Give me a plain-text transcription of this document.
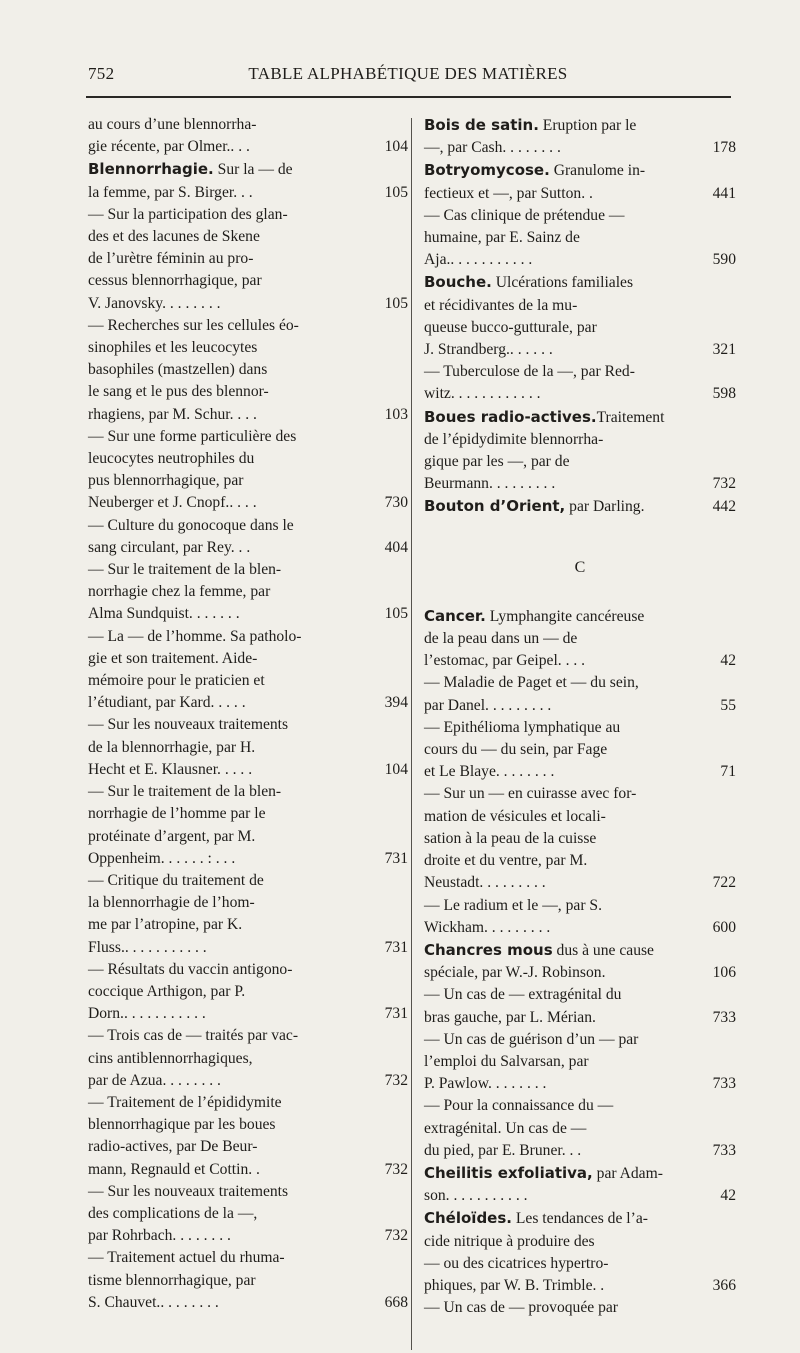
752	TABLE ALPHABÉTIQUE DES MATIÈRES
au cours d’une blennorrha-
gie récente, par Olmer.. . .	104
Blennorrhagie. Sur la — de
la femme, par S. Birger. . .	105
— Sur la participation des glan-
des et des lacunes de Skene
de l’urètre féminin au pro-
cessus blennorrhagique, par
V. Janovsky. . . . . . . .	105
— Recherches sur les cellules éo-
sinophiles et les leucocytes
basophiles (mastzellen) dans
le sang et le pus des blennor-
rhagiens, par M. Schur. . . .	103
— Sur une forme particulière des
leucocytes neutrophiles du
pus blennorrhagique, par
Neuberger et J. Cnopf.. . . .	730
— Culture du gonocoque dans le
sang circulant, par Rey. . .	404
— Sur le traitement de la blen-
norrhagie chez la femme, par
Alma Sundquist. . . . . . .	105
— La — de l’homme. Sa patholo-
gie et son traitement. Aide-
mémoire pour le praticien et
l’étudiant, par Kard. . . . .	394
— Sur les nouveaux traitements
de la blennorrhagie, par H.
Hecht et E. Klausner. . . . .	104
— Sur le traitement de la blen-
norrhagie de l’homme par le
protéinate d’argent, par M.
Oppenheim. . . . . . : . . .	731
— Critique du traitement de
la blennorrhagie de l’hom-
me par l’atropine, par K.
Fluss.. . . . . . . . . . .	731
— Résultats du vaccin antigono-
coccique Arthigon, par P.
Dorn.. . . . . . . . . . .	731
— Trois cas de — traités par vac-
cins antiblennorrhagiques,
par de Azua. . . . . . . .	732
— Traitement de l’épididymite
blennorrhagique par les boues
radio-actives, par De Beur-
mann, Regnauld et Cottin. .	732
— Sur les nouveaux traitements
des complications de la —,
par Rohrbach. . . . . . . .	732
— Traitement actuel du rhuma-
tisme blennorrhagique, par
S. Chauvet.. . . . . . . .	668
Bois de satin. Eruption par le
—, par Cash. . . . . . . .	178
Botryomycose. Granulome in-
fectieux et —, par Sutton. .	441
— Cas clinique de prétendue —
humaine, par E. Sainz de
Aja.. . . . . . . . . . .	590
Bouche. Ulcérations familiales
et récidivantes de la mu-
queuse bucco-gutturale, par
J. Strandberg.. . . . . .	321
— Tuberculose de la —, par Red-
witz. . . . . . . . . . . .	598
Boues radio-actives.Traitement
de l’épidydimite blennorrha-
gique par les —, par de
Beurmann. . . . . . . . .	732
Bouton d’Orient, par Darling.	442
C
Cancer. Lymphangite cancéreuse
de la peau dans un — de
l’estomac, par Geipel. . . .	42
— Maladie de Paget et — du sein,
par Danel. . . . . . . . .	55
— Epithélioma lymphatique au
cours du — du sein, par Fage
et Le Blaye. . . . . . . .	71
— Sur un — en cuirasse avec for-
mation de vésicules et locali-
sation à la peau de la cuisse
droite et du ventre, par M.
Neustadt. . . . . . . . .	722
— Le radium et le —, par S.
Wickham. . . . . . . . .	600
Chancres mous dus à une cause
spéciale, par W.-J. Robinson.	106
— Un cas de — extragénital du
bras gauche, par L. Mérian.	733
— Un cas de guérison d’un — par
l’emploi du Salvarsan, par
P. Pawlow. . . . . . . .	733
— Pour la connaissance du —
extragénital. Un cas de —
du pied, par E. Bruner. . .	733
Cheilitis exfoliativa, par Adam-
son. . . . . . . . . . .	42
Chéloïdes. Les tendances de l’a-
cide nitrique à produire des
— ou des cicatrices hypertro-
phiques, par W. B. Trimble. .	366
— Un cas de — provoquée par
